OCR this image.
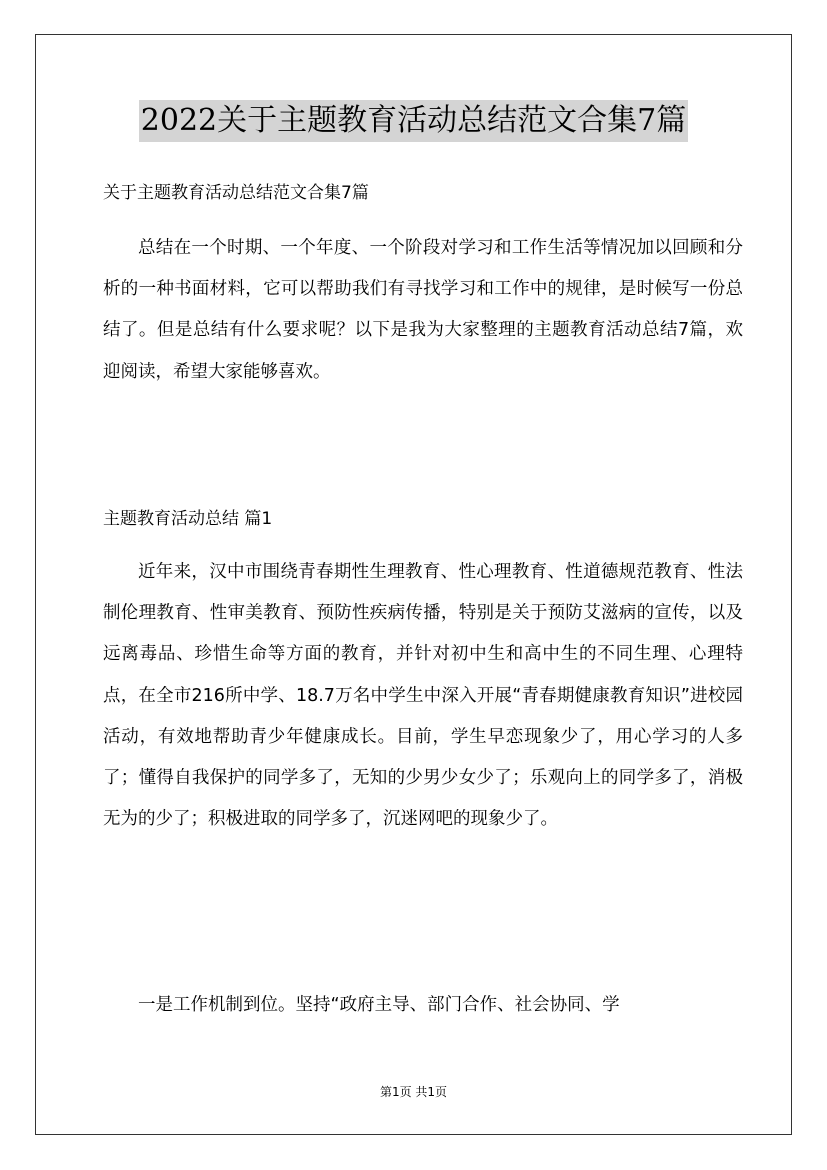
2022关于主题教育活动总结范文合集7篇
关于主题教育活动总结范文合集7篇

总结在一个时期、一个年度、一个阶段对学习和工作生活等情况加以回顾和分析的一种书面材料，它可以帮助我们有寻找学习和工作中的规律，是时候写一份总结了。但是总结有什么要求呢？以下是我为大家整理的主题教育活动总结7篇，欢迎阅读，希望大家能够喜欢。

主题教育活动总结 篇1

近年来，汉中市围绕青春期性生理教育、性心理教育、性道德规范教育、性法制伦理教育、性审美教育、预防性疾病传播，特别是关于预防艾滋病的宣传，以及远离毒品、珍惜生命等方面的教育，并针对初中生和高中生的不同生理、心理特点，在全市216所中学、18.7万名中学生中深入开展“青春期健康教育知识”进校园活动，有效地帮助青少年健康成长。目前，学生早恋现象少了，用心学习的人多了；懂得自我保护的同学多了，无知的少男少女少了；乐观向上的同学多了，消极无为的少了；积极进取的同学多了，沉迷网吧的现象少了。

一是工作机制到位。坚持“政府主导、部门合作、社会协同、学

第1页 共1页
